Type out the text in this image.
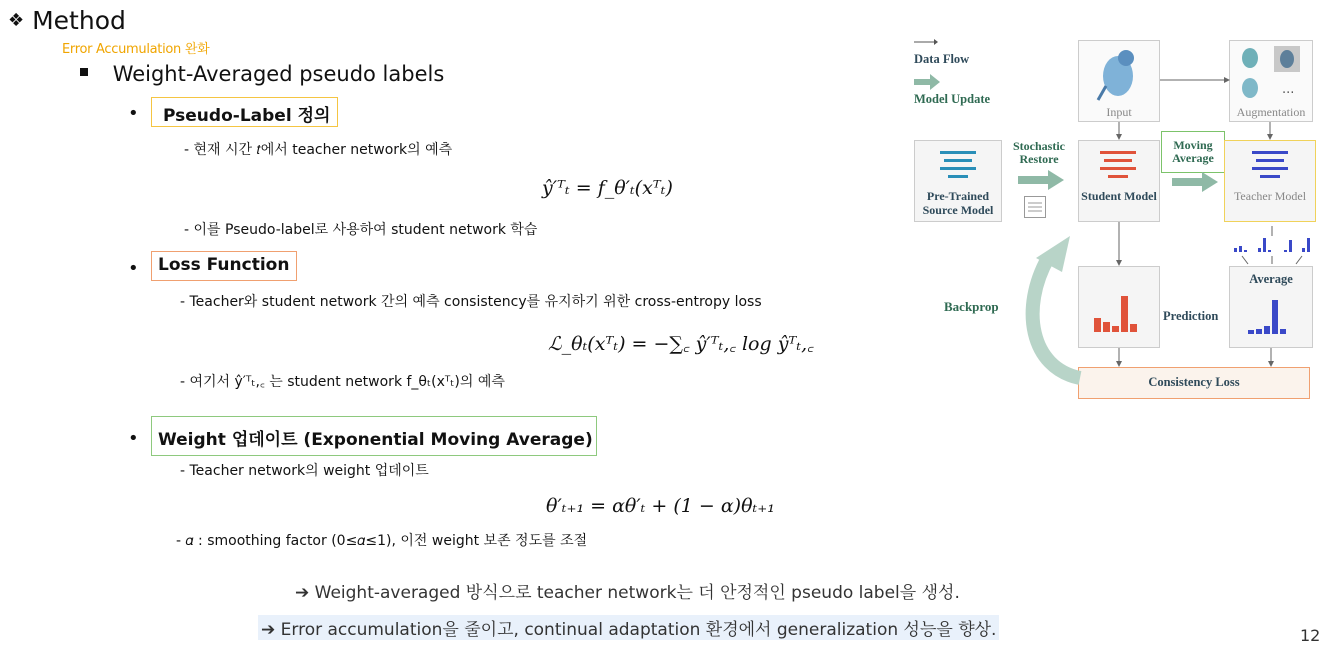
❖ Method
Error Accumulation 완화
Weight-Averaged pseudo labels
• Pseudo-Label 정의
- 현재 시간 𝑡에서 teacher network의 예측
ŷ′ᵀₜ = f_θ′ₜ(xᵀₜ)
- 이를 Pseudo-label로 사용하여 student network 학습
• Loss Function
- Teacher와 student network 간의 예측 consistency를 유지하기 위한 cross-entropy loss
ℒ_θₜ(xᵀₜ) = −∑꜀ ŷ′ᵀₜ,꜀ log ŷᵀₜ,꜀
- 여기서 ŷ′ᵀₜ,꜀ 는 student network f_θₜ(xᵀₜ)의 예측
• Weight 업데이트 (Exponential Moving Average)
- Teacher network의 weight 업데이트
θ′ₜ₊₁ = αθ′ₜ + (1 − α)θₜ₊₁
- 𝛼 : smoothing factor (0≤𝛼≤1), 이전 weight 보존 정도를 조절
➔ Weight-averaged 방식으로 teacher network는 더 안정적인 pseudo label을 생성.
➔ Error accumulation을 줄이고, continual adaptation 환경에서 generalization 성능을 향상.	12
Data Flow
Model Update
Input
...
Augmentation
Pre-Trained Source Model
Stochastic Restore
Student Model
Moving Average
Teacher Model
Average
Prediction
Consistency Loss
Backprop
